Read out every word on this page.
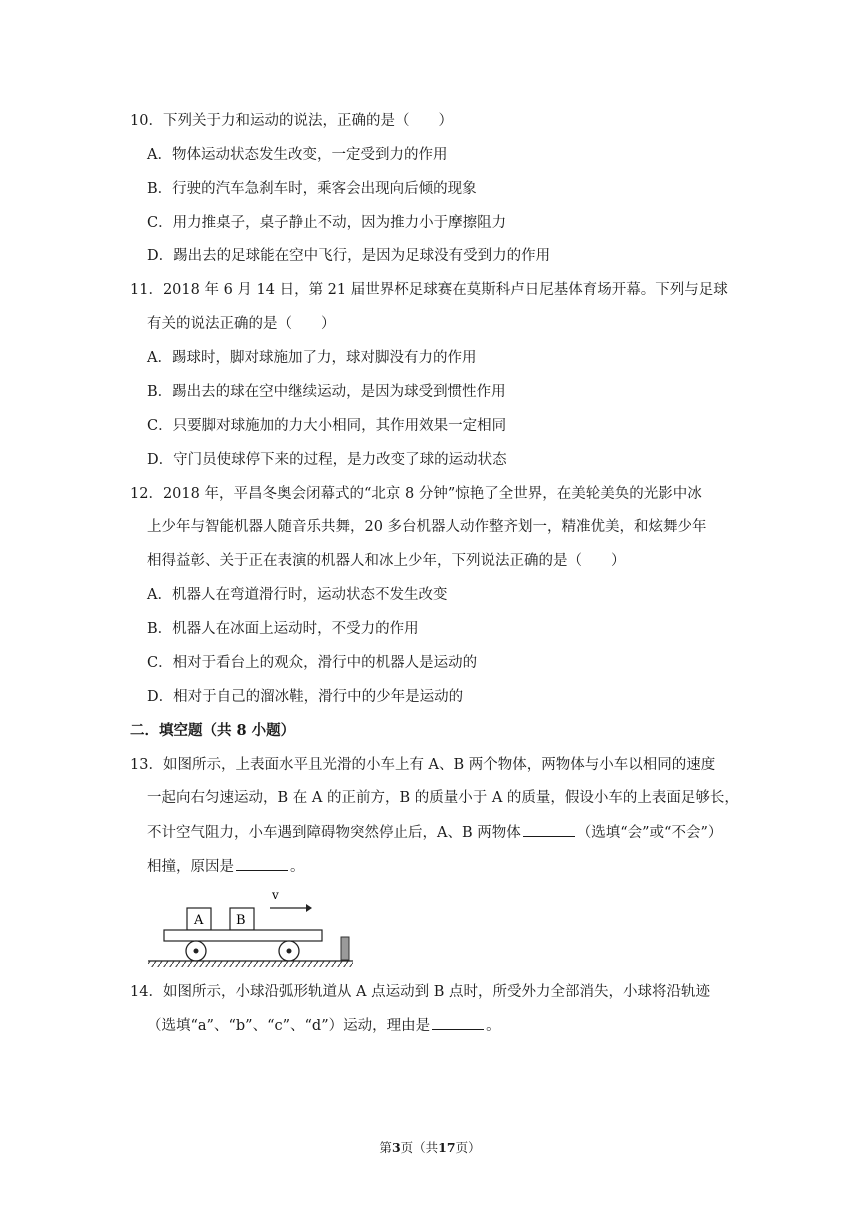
10．下列关于力和运动的说法，正确的是（　　）
A．物体运动状态发生改变，一定受到力的作用
B．行驶的汽车急刹车时，乘客会出现向后倾的现象
C．用力推桌子，桌子静止不动，因为推力小于摩擦阻力
D．踢出去的足球能在空中飞行，是因为足球没有受到力的作用
11．2018 年 6 月 14 日，第 21 届世界杯足球赛在莫斯科卢日尼基体育场开幕。下列与足球
有关的说法正确的是（　　）
A．踢球时，脚对球施加了力，球对脚没有力的作用
B．踢出去的球在空中继续运动，是因为球受到惯性作用
C．只要脚对球施加的力大小相同，其作用效果一定相同
D．守门员使球停下来的过程，是力改变了球的运动状态
12．2018 年，平昌冬奥会闭幕式的“北京 8 分钟”惊艳了全世界，在美轮美奂的光影中冰
上少年与智能机器人随音乐共舞，20 多台机器人动作整齐划一，精准优美，和炫舞少年
相得益彰、关于正在表演的机器人和冰上少年，下列说法正确的是（　　）
A．机器人在弯道滑行时，运动状态不发生改变
B．机器人在冰面上运动时，不受力的作用
C．相对于看台上的观众，滑行中的机器人是运动的
D．相对于自己的溜冰鞋，滑行中的少年是运动的
二．填空题（共 8 小题）
13．如图所示，上表面水平且光滑的小车上有 A、B 两个物体，两物体与小车以相同的速度
一起向右匀速运动，B 在 A 的正前方，B 的质量小于 A 的质量，假设小车的上表面足够长，
不计空气阻力，小车遇到障碍物突然停止后，A、B 两物体	（选填“会”或“不会”）
相撞，原因是	。
v
A	B
14．如图所示，小球沿弧形轨道从 A 点运动到 B 点时，所受外力全部消失，小球将沿轨迹
（选填“a”、“b”、“c”、“d”）运动，理由是	。
第3页（共17页）
